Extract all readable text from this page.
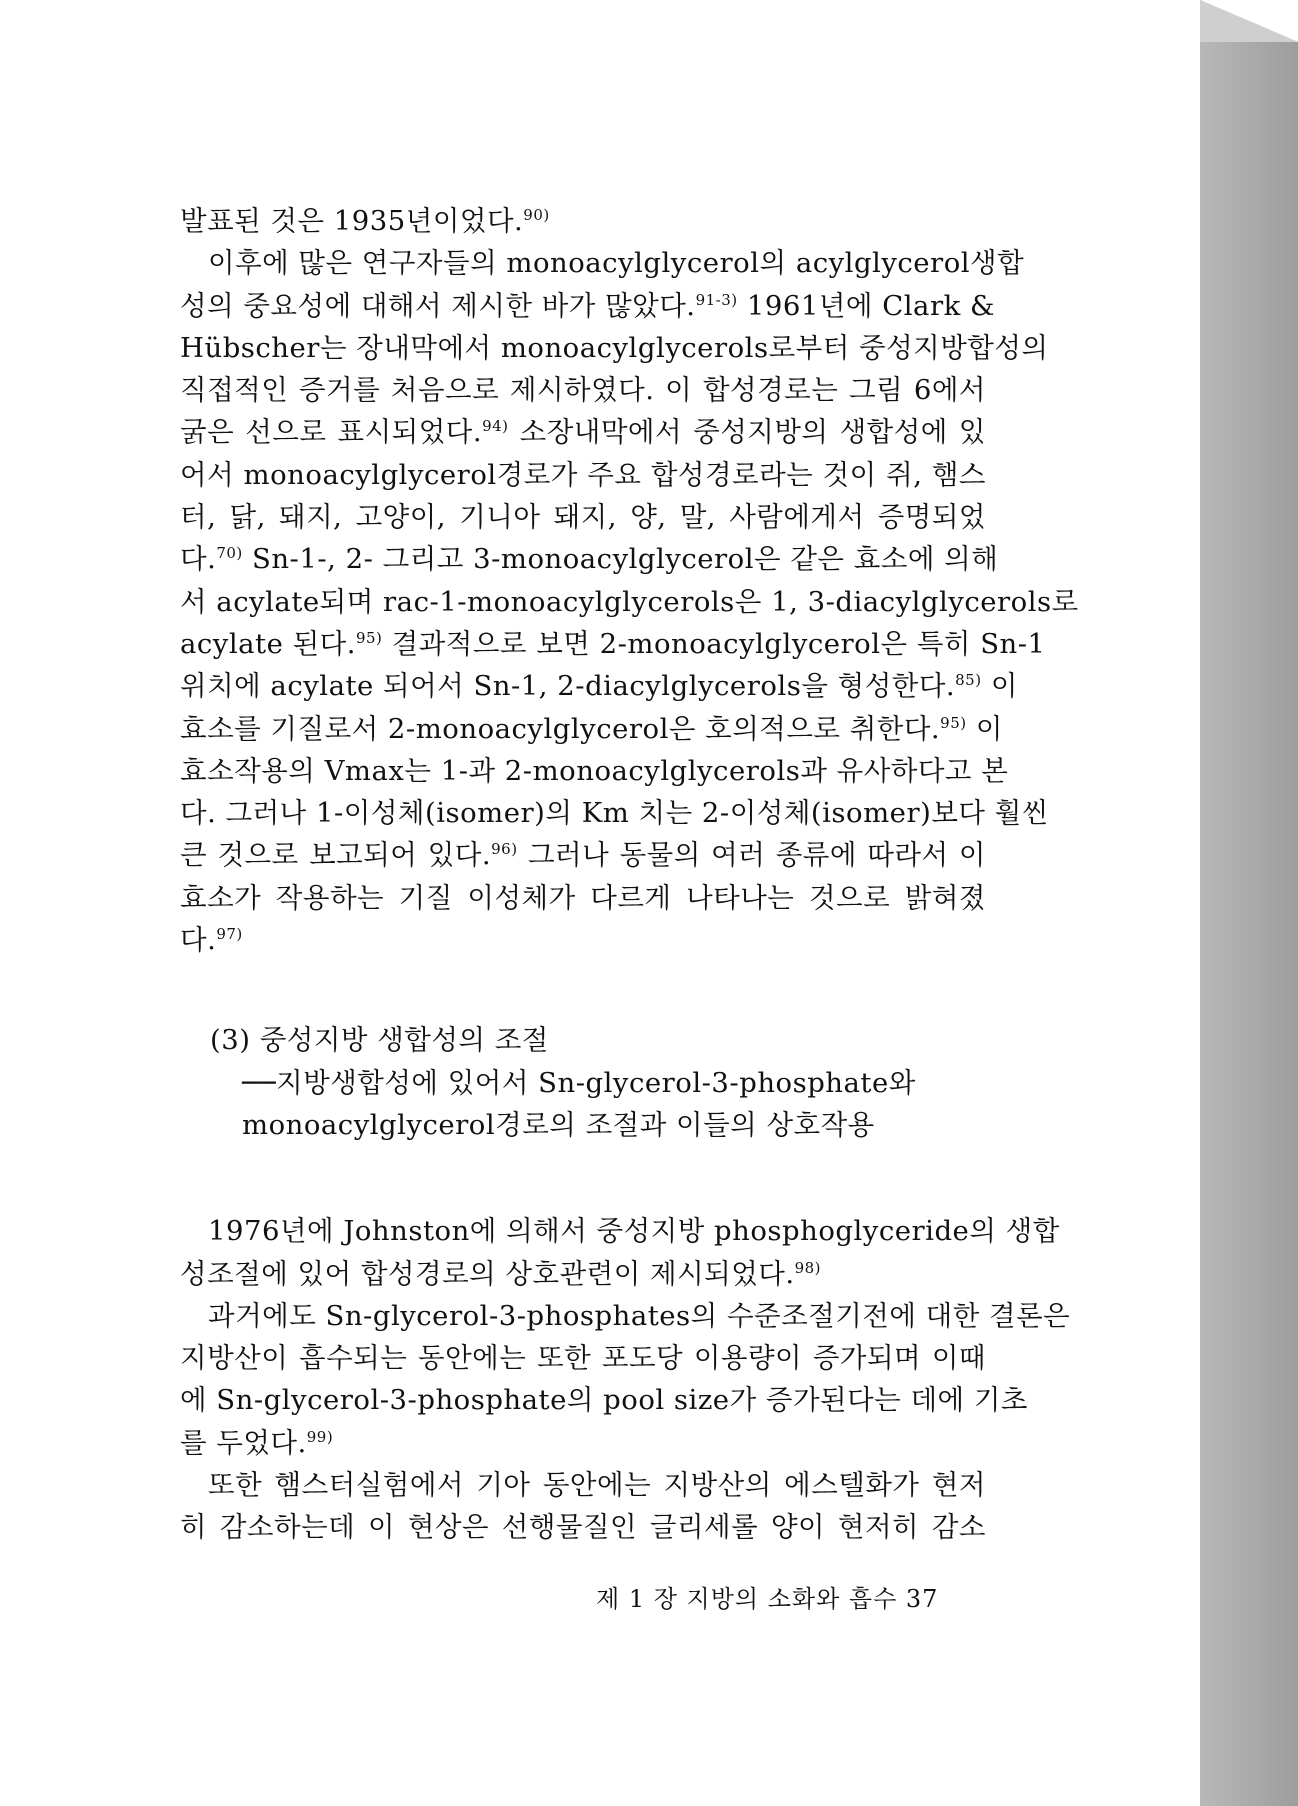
발표된 것은 1935년이었다.$^{90)}$
이후에 많은 연구자들의 monoacylglycerol의 acylglycerol생합
성의 중요성에 대해서 제시한 바가 많았다.$^{91-3)}$ 1961년에 Clark &
Hübscher는 장내막에서 monoacylglycerols로부터 중성지방합성의
직접적인 증거를 처음으로 제시하였다. 이 합성경로는 그림 6에서
굵은 선으로 표시되었다.$^{94)}$ 소장내막에서 중성지방의 생합성에 있
어서 monoacylglycerol경로가 주요 합성경로라는 것이 쥐, 햄스
터, 닭, 돼지, 고양이, 기니아 돼지, 양, 말, 사람에게서 증명되었
다.$^{70)}$ Sn-1-, 2- 그리고 3-monoacylglycerol은 같은 효소에 의해
서 acylate되며 rac-1-monoacylglycerols은 1, 3-diacylglycerols로
acylate 된다.$^{95)}$ 결과적으로 보면 2-monoacylglycerol은 특히 Sn-1
위치에 acylate 되어서 Sn-1, 2-diacylglycerols을 형성한다.$^{85)}$ 이
효소를 기질로서 2-monoacylglycerol은 호의적으로 취한다.$^{95)}$ 이
효소작용의 Vmax는 1-과 2-monoacylglycerols과 유사하다고 본
다. 그러나 1-이성체(isomer)의 Km 치는 2-이성체(isomer)보다 훨씬
큰 것으로 보고되어 있다.$^{96)}$ 그러나 동물의 여러 종류에 따라서 이
효소가 작용하는 기질 이성체가 다르게 나타나는 것으로 밝혀졌
다.$^{97)}$
(3) 중성지방 생합성의 조절
──지방생합성에 있어서 Sn-glycerol-3-phosphate와
monoacylglycerol경로의 조절과 이들의 상호작용
1976년에 Johnston에 의해서 중성지방 phosphoglyceride의 생합
성조절에 있어 합성경로의 상호관련이 제시되었다.$^{98)}$
과거에도 Sn-glycerol-3-phosphates의 수준조절기전에 대한 결론은
지방산이 흡수되는 동안에는 또한 포도당 이용량이 증가되며 이때
에 Sn-glycerol-3-phosphate의 pool size가 증가된다는 데에 기초
를 두었다.$^{99)}$
또한 햄스터실험에서 기아 동안에는 지방산의 에스텔화가 현저
히 감소하는데 이 현상은 선행물질인 글리세롤 양이 현저히 감소
제 1 장 지방의 소화와 흡수 37
